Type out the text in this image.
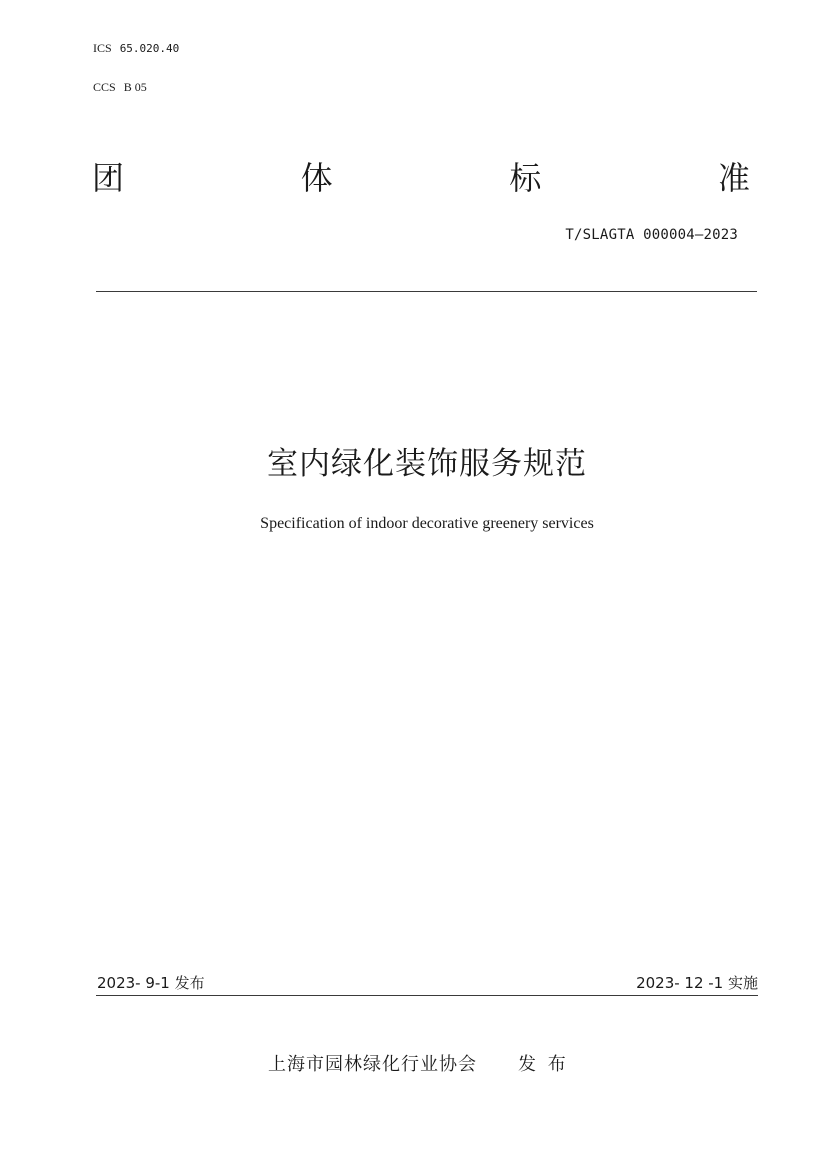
ICS 65.020.40
CCS B 05
团	体	标	准
T/SLAGTA 000004—2023
室内绿化装饰服务规范
Specification of indoor decorative greenery services
2023- 9-1 发布	2023- 12 -1 实施
上海市园林绿化行业协会 发 布
